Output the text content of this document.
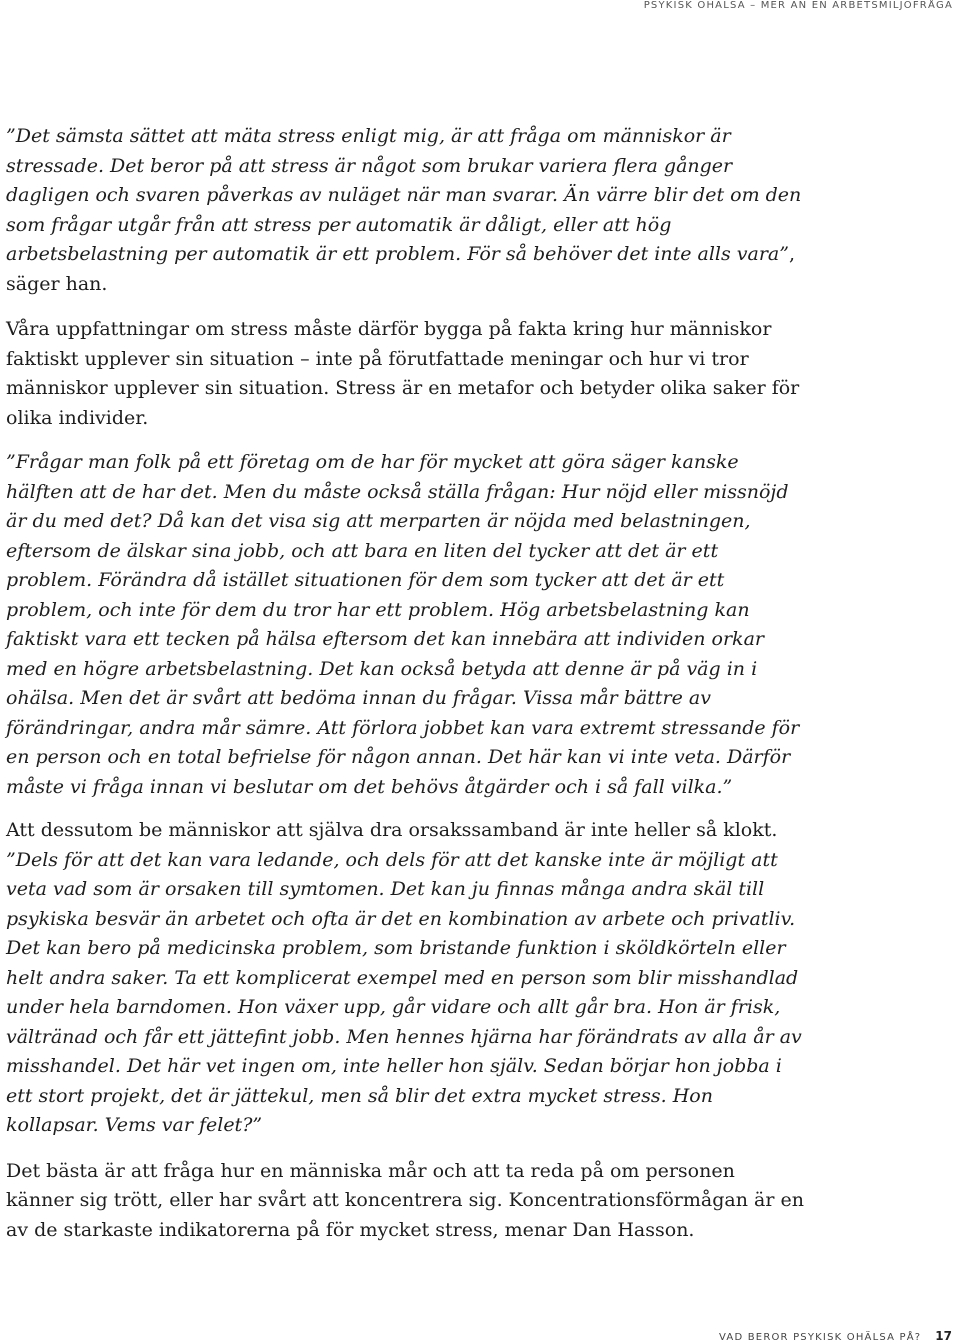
PSYKISK OHÄLSA – MER ÄN EN ARBETSMILJÖFRÅGA

”Det sämsta sättet att mäta stress enligt mig, är att fråga om människor är stressade. Det beror på att stress är något som brukar variera flera gånger dagligen och svaren påverkas av nuläget när man svarar. Än värre blir det om den som frågar utgår från att stress per automatik är dåligt, eller att hög arbetsbelastning per automatik är ett problem. För så behöver det inte alls vara”, säger han.

Våra uppfattningar om stress måste därför bygga på fakta kring hur människor faktiskt upplever sin situation – inte på förutfattade meningar och hur vi tror människor upplever sin situation. Stress är en metafor och betyder olika saker för olika individer.

”Frågar man folk på ett företag om de har för mycket att göra säger kanske hälften att de har det. Men du måste också ställa frågan: Hur nöjd eller missnöjd är du med det? Då kan det visa sig att merparten är nöjda med belastningen, eftersom de älskar sina jobb, och att bara en liten del tycker att det är ett problem. Förändra då istället situationen för dem som tycker att det är ett problem, och inte för dem du tror har ett problem. Hög arbetsbelastning kan faktiskt vara ett tecken på hälsa eftersom det kan innebära att individen orkar med en högre arbetsbelastning. Det kan också betyda att denne är på väg in i ohälsa. Men det är svårt att bedöma innan du frågar. Vissa mår bättre av förändringar, andra mår sämre. Att förlora jobbet kan vara extremt stressande för en person och en total befrielse för någon annan. Det här kan vi inte veta. Därför måste vi fråga innan vi beslutar om det behövs åtgärder och i så fall vilka.”

Att dessutom be människor att själva dra orsakssamband är inte heller så klokt.

”Dels för att det kan vara ledande, och dels för att det kanske inte är möjligt att veta vad som är orsaken till symtomen. Det kan ju finnas många andra skäl till psykiska besvär än arbetet och ofta är det en kombination av arbete och privatliv. Det kan bero på medicinska problem, som bristande funktion i sköldkörteln eller helt andra saker. Ta ett komplicerat exempel med en person som blir misshandlad under hela barndomen. Hon växer upp, går vidare och allt går bra. Hon är frisk, vältränad och får ett jättefint jobb. Men hennes hjärna har förändrats av alla år av misshandel. Det här vet ingen om, inte heller hon själv. Sedan börjar hon jobba i ett stort projekt, det är jättekul, men så blir det extra mycket stress. Hon kollapsar. Vems var felet?”

Det bästa är att fråga hur en människa mår och att ta reda på om personen känner sig trött, eller har svårt att koncentrera sig. Koncentrationsförmågan är en av de starkaste indikatorerna på för mycket stress, menar Dan Hasson.

VAD BEROR PSYKISK OHÄLSA PÅ? 17
